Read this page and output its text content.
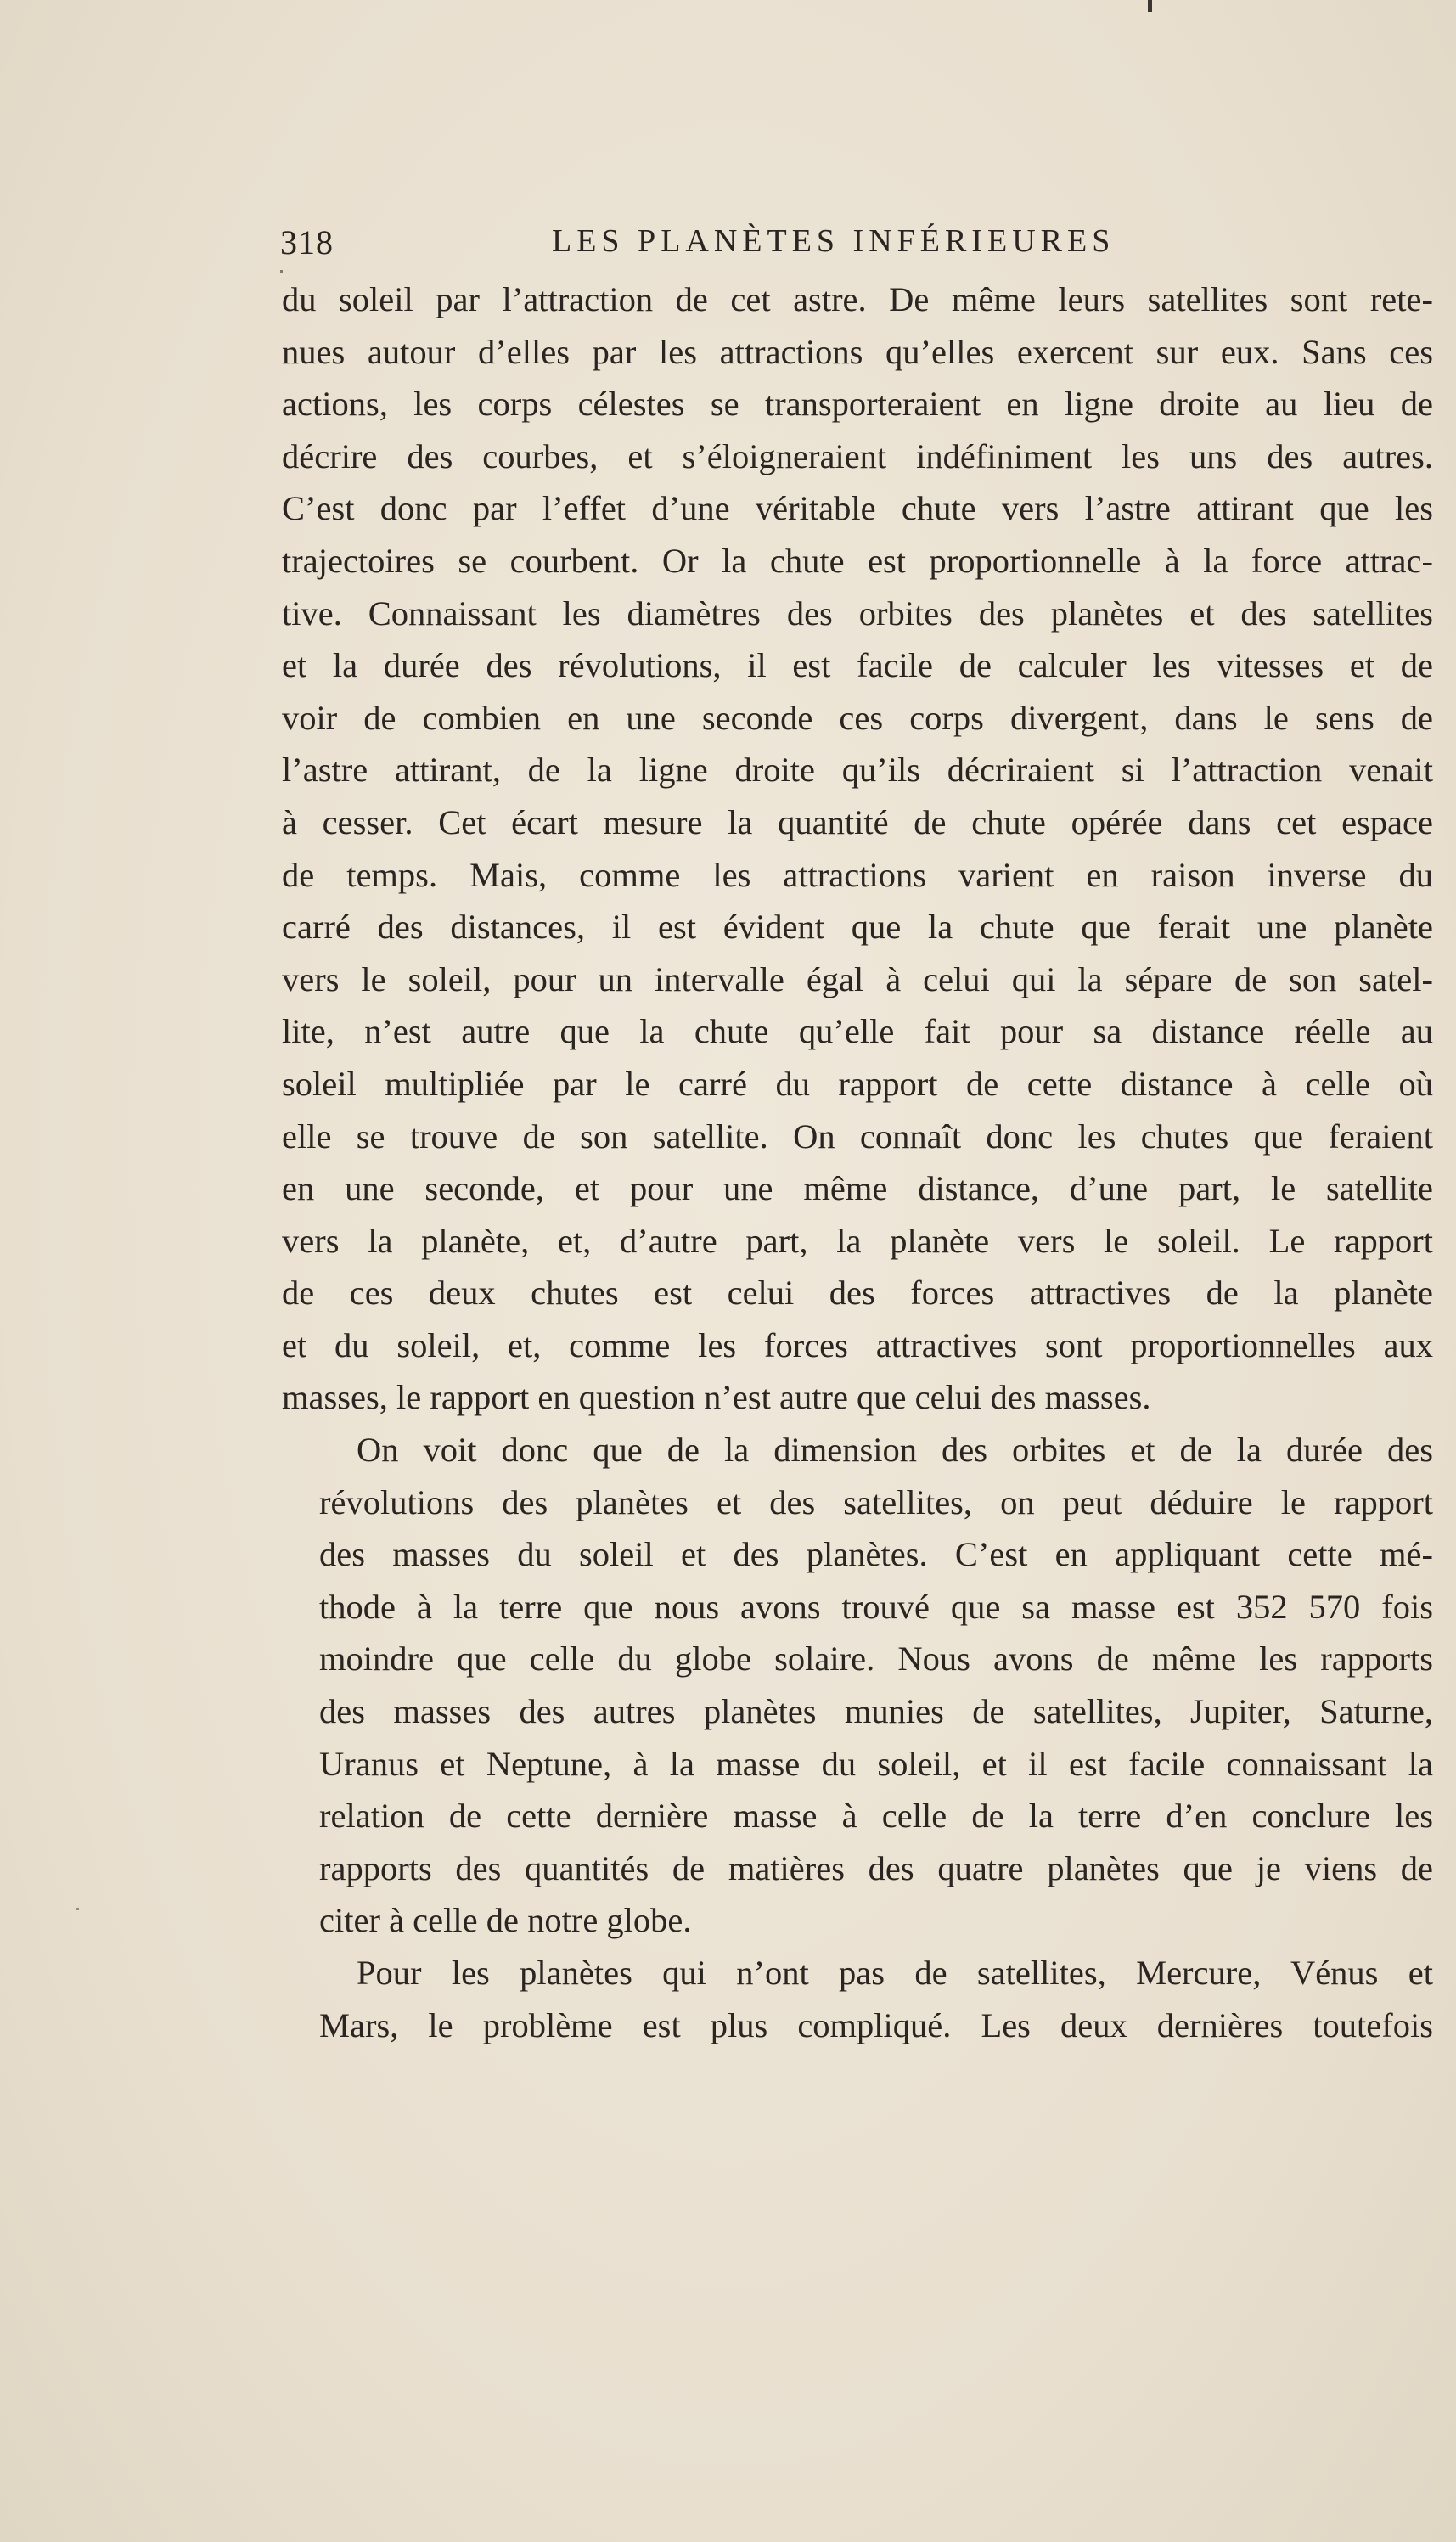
318	LES PLANÈTES INFÉRIEURES
du soleil par l’attraction de cet astre. De même leurs satellites sont rete-
nues autour d’elles par les attractions qu’elles exercent sur eux. Sans ces
actions, les corps célestes se transporteraient en ligne droite au lieu de
décrire des courbes, et s’éloigneraient indéfiniment les uns des autres.
C’est donc par l’effet d’une véritable chute vers l’astre attirant que les
trajectoires se courbent. Or la chute est proportionnelle à la force attrac-
tive. Connaissant les diamètres des orbites des planètes et des satellites
et la durée des révolutions, il est facile de calculer les vitesses et de
voir de combien en une seconde ces corps divergent, dans le sens de
l’astre attirant, de la ligne droite qu’ils décriraient si l’attraction venait
à cesser. Cet écart mesure la quantité de chute opérée dans cet espace
de temps. Mais, comme les attractions varient en raison inverse du
carré des distances, il est évident que la chute que ferait une planète
vers le soleil, pour un intervalle égal à celui qui la sépare de son satel-
lite, n’est autre que la chute qu’elle fait pour sa distance réelle au
soleil multipliée par le carré du rapport de cette distance à celle où
elle se trouve de son satellite. On connaît donc les chutes que feraient
en une seconde, et pour une même distance, d’une part, le satellite
vers la planète, et, d’autre part, la planète vers le soleil. Le rapport
de ces deux chutes est celui des forces attractives de la planète
et du soleil, et, comme les forces attractives sont proportionnelles aux
masses, le rapport en question n’est autre que celui des masses.
On voit donc que de la dimension des orbites et de la durée des
révolutions des planètes et des satellites, on peut déduire le rapport
des masses du soleil et des planètes. C’est en appliquant cette mé-
thode à la terre que nous avons trouvé que sa masse est 352 570 fois
moindre que celle du globe solaire. Nous avons de même les rapports
des masses des autres planètes munies de satellites, Jupiter, Saturne,
Uranus et Neptune, à la masse du soleil, et il est facile connaissant la
relation de cette dernière masse à celle de la terre d’en conclure les
rapports des quantités de matières des quatre planètes que je viens de
citer à celle de notre globe.
Pour les planètes qui n’ont pas de satellites, Mercure, Vénus et
Mars, le problème est plus compliqué. Les deux dernières toutefois
